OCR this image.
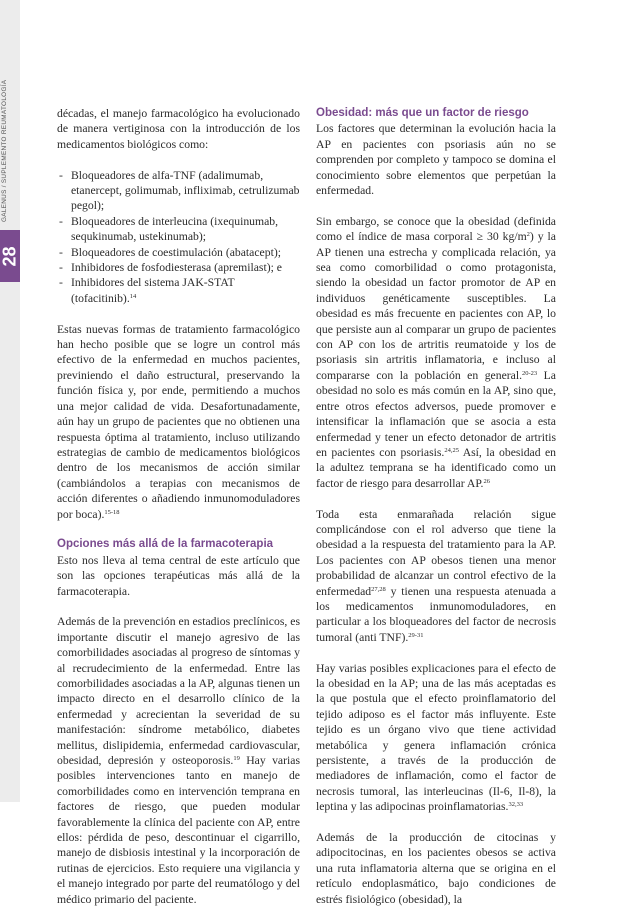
GALENUS / SUPLEMENTO REUMATOLOGÍA
28

décadas, el manejo farmacológico ha evolucionado de manera vertiginosa con la introducción de los medicamentos biológicos como:

- Bloqueadores de alfa-TNF (adalimumab, etanercept, golimumab, infliximab, cetrulizumab pegol);
- Bloqueadores de interleucina (ixequinumab, sequkinumab, ustekinumab);
- Bloqueadores de coestimulación (abatacept);
- Inhibidores de fosfodiesterasa (apremilast); e
- Inhibidores del sistema JAK-STAT (tofacitinib).$^{14}$

Estas nuevas formas de tratamiento farmacológico han hecho posible que se logre un control más efectivo de la enfermedad en muchos pacientes, previniendo el daño estructural, preservando la función física y, por ende, permitiendo a muchos una mejor calidad de vida. Desafortunadamente, aún hay un grupo de pacientes que no obtienen una respuesta óptima al tratamiento, incluso utilizando estrategias de cambio de medicamentos biológicos dentro de los mecanismos de acción similar (cambiándolos a terapias con mecanismos de acción diferentes o añadiendo inmunomoduladores por boca).$^{15-18}$

Opciones más allá de la farmacoterapia

Esto nos lleva al tema central de este artículo que son las opciones terapéuticas más allá de la farmacoterapia.

Además de la prevención en estadios preclínicos, es importante discutir el manejo agresivo de las comorbilidades asociadas al progreso de síntomas y al recrudecimiento de la enfermedad. Entre las comorbilidades asociadas a la AP, algunas tienen un impacto directo en el desarrollo clínico de la enfermedad y acrecientan la severidad de su manifestación: síndrome metabólico, diabetes mellitus, dislipidemia, enfermedad cardiovascular, obesidad, depresión y osteoporosis.$^{19}$ Hay varias posibles intervenciones tanto en manejo de comorbilidades como en intervención temprana en factores de riesgo, que pueden modular favorablemente la clínica del paciente con AP, entre ellos: pérdida de peso, descontinuar el cigarrillo, manejo de disbiosis intestinal y la incorporación de rutinas de ejercicios. Esto requiere una vigilancia y el manejo integrado por parte del reumatólogo y del médico primario del paciente.

Obesidad: más que un factor de riesgo

Los factores que determinan la evolución hacia la AP en pacientes con psoriasis aún no se comprenden por completo y tampoco se domina el conocimiento sobre elementos que perpetúan la enfermedad.

Sin embargo, se conoce que la obesidad (definida como el índice de masa corporal ≥ 30 $kg/m^2$) y la AP tienen una estrecha y complicada relación, ya sea como comorbilidad o como protagonista, siendo la obesidad un factor promotor de AP en individuos genéticamente susceptibles. La obesidad es más frecuente en pacientes con AP, lo que persiste aun al comparar un grupo de pacientes con AP con los de artritis reumatoide y los de psoriasis sin artritis inflamatoria, e incluso al compararse con la población en general.$^{20-23}$ La obesidad no solo es más común en la AP, sino que, entre otros efectos adversos, puede promover e intensificar la inflamación que se asocia a esta enfermedad y tener un efecto detonador de artritis en pacientes con psoriasis.$^{24,25}$ Así, la obesidad en la adultez temprana se ha identificado como un factor de riesgo para desarrollar AP.$^{26}$

Toda esta enmarañada relación sigue complicándose con el rol adverso que tiene la obesidad a la respuesta del tratamiento para la AP. Los pacientes con AP obesos tienen una menor probabilidad de alcanzar un control efectivo de la enfermedad$^{27,28}$ y tienen una respuesta atenuada a los medicamentos inmunomoduladores, en particular a los bloqueadores del factor de necrosis tumoral (anti TNF).$^{29-31}$

Hay varias posibles explicaciones para el efecto de la obesidad en la AP; una de las más aceptadas es la que postula que el efecto proinflamatorio del tejido adiposo es el factor más influyente. Este tejido es un órgano vivo que tiene actividad metabólica y genera inflamación crónica persistente, a través de la producción de mediadores de inflamación, como el factor de necrosis tumoral, las interleucinas (Il-6, Il-8), la leptina y las adipocinas proinflamatorias.$^{32,33}$

Además de la producción de citocinas y adipocitocinas, en los pacientes obesos se activa una ruta inflamatoria alterna que se origina en el retículo endoplasmático, bajo condiciones de estrés fisiológico (obesidad), la
